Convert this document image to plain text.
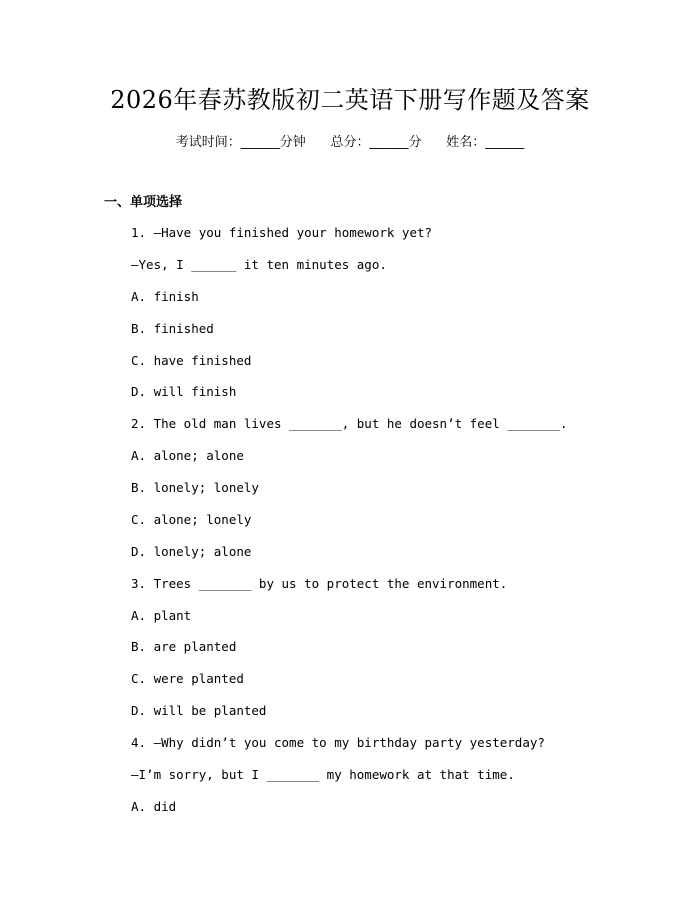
2026年春苏教版初二英语下册写作题及答案
考试时间：______分钟      总分：______分      姓名：______
一、单项选择
1. —Have you finished your homework yet?
—Yes, I ______ it ten minutes ago.
A. finish
B. finished
C. have finished
D. will finish
2. The old man lives _______, but he doesn’t feel _______.
A. alone; alone
B. lonely; lonely
C. alone; lonely
D. lonely; alone
3. Trees _______ by us to protect the environment.
A. plant
B. are planted
C. were planted
D. will be planted
4. —Why didn’t you come to my birthday party yesterday?
—I’m sorry, but I _______ my homework at that time.
A. did
